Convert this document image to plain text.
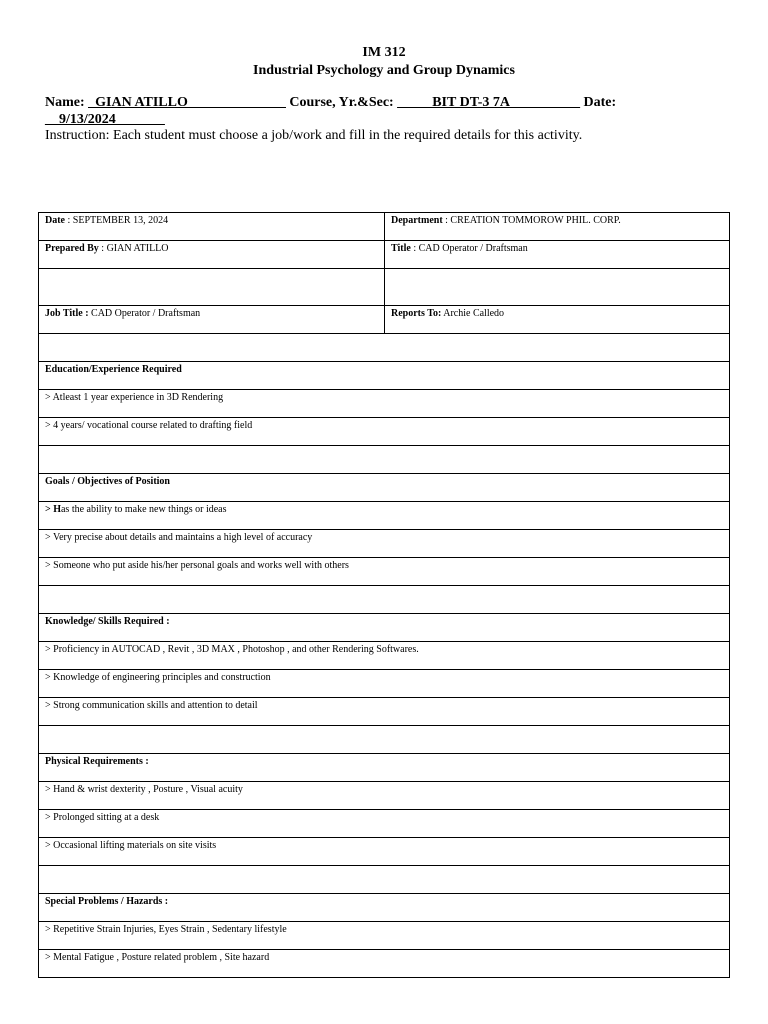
IM 312
Industrial Psychology and Group Dynamics
Name: _GIAN ATILLO______________ Course, Yr.&Sec: _____BIT DT-3 7A__________ Date:
__9/13/2024_______
Instruction: Each student must choose a job/work and fill in the required details for this activity.
Date : SEPTEMBER 13, 2024	Department : CREATION TOMMOROW PHIL. CORP.
Prepared By : GIAN ATILLO	Title : CAD Operator / Draftsman

Job Title : CAD Operator / Draftsman	Reports To: Archie Calledo

Education/Experience Required	
> Atleast 1 year experience in 3D Rendering	
> 4 years/ vocational course related to drafting field	

Goals / Objectives of Position	
> Has the ability to make new things or ideas	
> Very precise about details and maintains a high level of accuracy	
> Someone who put aside his/her personal goals and works well with others	

Knowledge/ Skills Required :	
> Proficiency in AUTOCAD , Revit , 3D MAX , Photoshop , and other Rendering Softwares.	
> Knowledge of engineering principles and construction	
> Strong communication skills and attention to detail	

Physical Requirements :	
> Hand & wrist dexterity , Posture , Visual acuity	
> Prolonged sitting at a desk	
> Occasional lifting materials on site visits	

Special Problems / Hazards :	
> Repetitive Strain Injuries, Eyes Strain , Sedentary lifestyle	
> Mental Fatigue , Posture related problem , Site hazard	
